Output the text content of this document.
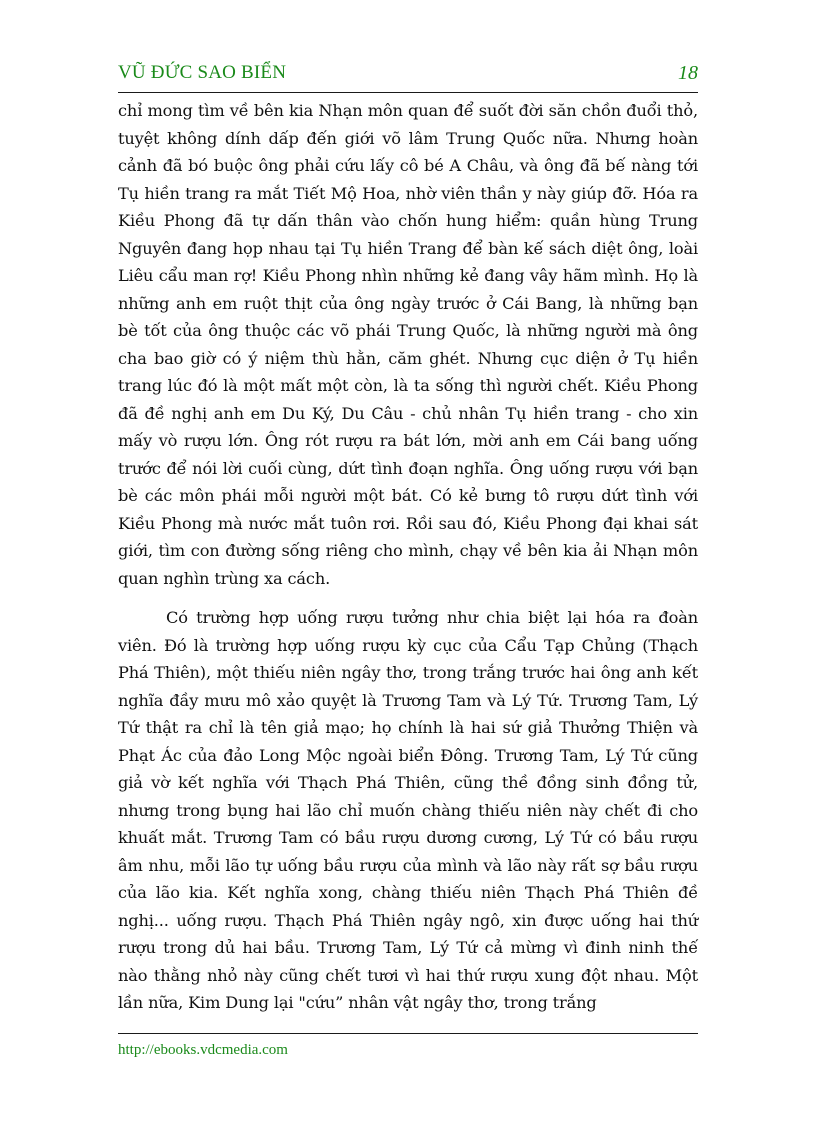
VŨ ĐỨC SAO BIỂN	18

chỉ mong tìm về bên kia Nhạn môn quan để suốt đời săn chồn đuổi thỏ, tuyệt không dính dấp đến giới võ lâm Trung Quốc nữa. Nhưng hoàn cảnh đã bó buộc ông phải cứu lấy cô bé A Châu, và ông đã bế nàng tới Tụ hiền trang ra mắt Tiết Mộ Hoa, nhờ viên thần y này giúp đỡ. Hóa ra Kiều Phong đã tự dấn thân vào chốn hung hiểm: quần hùng Trung Nguyên đang họp nhau tại Tụ hiền Trang để bàn kế sách diệt ông, loài Liêu cẩu man rợ! Kiều Phong nhìn những kẻ đang vây hãm mình. Họ là những anh em ruột thịt của ông ngày trước ở Cái Bang, là những bạn bè tốt của ông thuộc các võ phái Trung Quốc, là những người mà ông cha bao giờ có ý niệm thù hằn, căm ghét. Nhưng cục diện ở Tụ hiền trang lúc đó là một mất một còn, là ta sống thì người chết. Kiều Phong đã đề nghị anh em Du Ký, Du Câu - chủ nhân Tụ hiền trang - cho xin mấy vò rượu lớn. Ông rót rượu ra bát lớn, mời anh em Cái bang uống trước để nói lời cuối cùng, dứt tình đoạn nghĩa. Ông uống rượu với bạn bè các môn phái mỗi người một bát. Có kẻ bưng tô rượu dứt tình với Kiều Phong mà nước mắt tuôn rơi. Rồi sau đó, Kiều Phong đại khai sát giới, tìm con đường sống riêng cho mình, chạy về bên kia ải Nhạn môn quan nghìn trùng xa cách.

Có trường hợp uống rượu tưởng như chia biệt lại hóa ra đoàn viên. Đó là trường hợp uống rượu kỳ cục của Cẩu Tạp Chủng (Thạch Phá Thiên), một thiếu niên ngây thơ, trong trắng trước hai ông anh kết nghĩa đầy mưu mô xảo quyệt là Trương Tam và Lý Tứ. Trương Tam, Lý Tứ thật ra chỉ là tên giả mạo; họ chính là hai sứ giả Thưởng Thiện và Phạt Ác của đảo Long Mộc ngoài biển Đông. Trương Tam, Lý Tứ cũng giả vờ kết nghĩa với Thạch Phá Thiên, cũng thề đồng sinh đồng tử, nhưng trong bụng hai lão chỉ muốn chàng thiếu niên này chết đi cho khuất mắt. Trương Tam có bầu rượu dương cương, Lý Tứ có bầu rượu âm nhu, mỗi lão tự uống bầu rượu của mình và lão này rất sợ bầu rượu của lão kia. Kết nghĩa xong, chàng thiếu niên Thạch Phá Thiên đề nghị... uống rượu. Thạch Phá Thiên ngây ngô, xin được uống hai thứ rượu trong dủ hai bầu. Trương Tam, Lý Tứ cả mừng vì đinh ninh thế nào thằng nhỏ này cũng chết tươi vì hai thứ rượu xung đột nhau. Một lần nữa, Kim Dung lại "cứu” nhân vật ngây thơ, trong trắng

http://ebooks.vdcmedia.com
